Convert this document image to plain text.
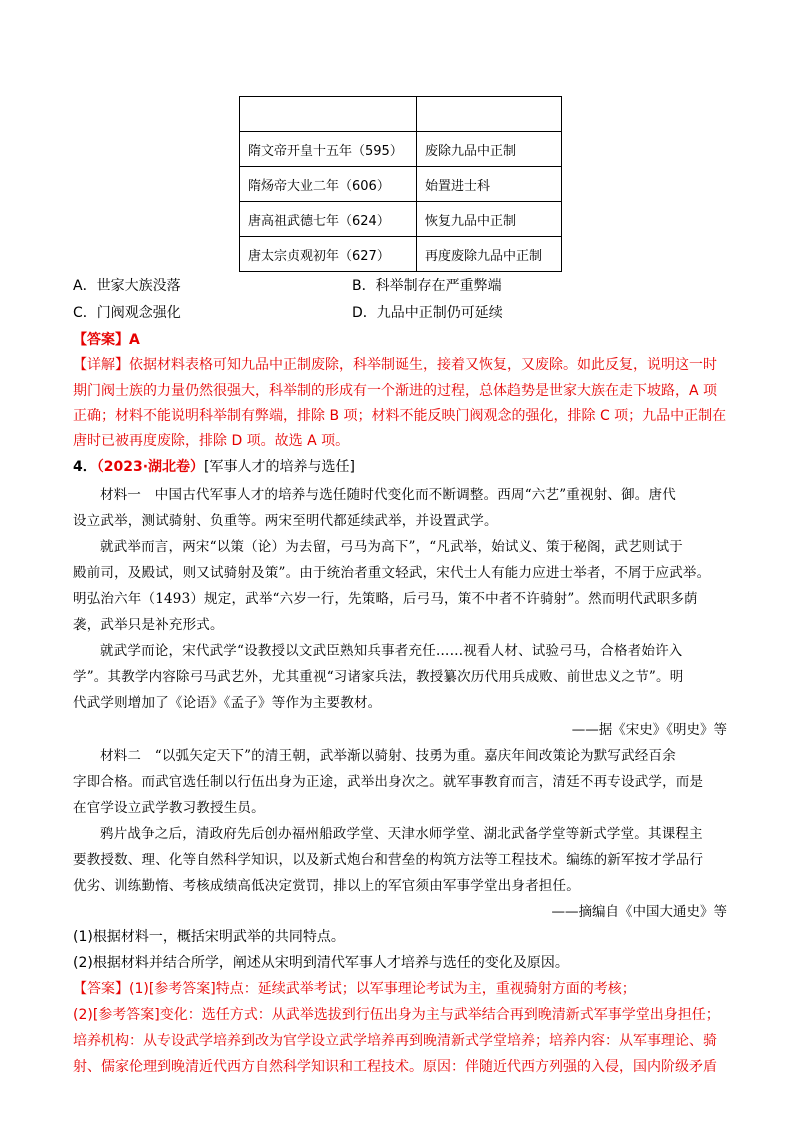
隋文帝开皇十五年（595）	废除九品中正制
隋炀帝大业二年（606）	始置进士科
唐高祖武德七年（624）	恢复九品中正制
唐太宗贞观初年（627）	再度废除九品中正制
A．世家大族没落	B．科举制存在严重弊端
C．门阀观念强化	D．九品中正制仍可延续
【答案】A
【详解】依据材料表格可知九品中正制废除，科举制诞生，接着又恢复，又废除。如此反复，说明这一时
期门阀士族的力量仍然很强大，科举制的形成有一个渐进的过程，总体趋势是世家大族在走下坡路，A 项
正确；材料不能说明科举制有弊端，排除 B 项；材料不能反映门阀观念的强化，排除 C 项；九品中正制在
唐时已被再度废除，排除 D 项。故选 A 项。
4．（2023·湖北卷）[军事人才的培养与选任]
材料一　中国古代军事人才的培养与选任随时代变化而不断调整。西周“六艺”重视射、御。唐代
设立武举，测试骑射、负重等。两宋至明代都延续武举，并设置武学。
就武举而言，两宋“以策（论）为去留，弓马为高下”，“凡武举，始试义、策于秘阁，武艺则试于
殿前司，及殿试，则又试骑射及策”。由于统治者重文轻武，宋代士人有能力应进士举者，不屑于应武举。
明弘治六年（1493）规定，武举“六岁一行，先策略，后弓马，策不中者不许骑射”。然而明代武职多荫
袭，武举只是补充形式。
就武学而论，宋代武学“设教授以文武臣熟知兵事者充任……视看人材、试验弓马，合格者始许入
学”。其教学内容除弓马武艺外，尤其重视“习诸家兵法，教授纂次历代用兵成败、前世忠义之节”。明
代武学则增加了《论语》《孟子》等作为主要教材。
——据《宋史》《明史》等
材料二　“以弧矢定天下”的清王朝，武举渐以骑射、技勇为重。嘉庆年间改策论为默写武经百余
字即合格。而武官选任制以行伍出身为正途，武举出身次之。就军事教育而言，清廷不再专设武学，而是
在官学设立武学教习教授生员。
鸦片战争之后，清政府先后创办福州船政学堂、天津水师学堂、湖北武备学堂等新式学堂。其课程主
要教授数、理、化等自然科学知识，以及新式炮台和营垒的构筑方法等工程技术。编练的新军按才学品行
优劣、训练勤惰、考核成绩高低决定赏罚，排以上的军官须由军事学堂出身者担任。
——摘编自《中国大通史》等
(1)根据材料一，概括宋明武举的共同特点。
(2)根据材料并结合所学，阐述从宋明到清代军事人才培养与选任的变化及原因。
【答案】(1)[参考答案]特点：延续武举考试；以军事理论考试为主，重视骑射方面的考核；
(2)[参考答案]变化：选任方式：从武举选拔到行伍出身为主与武举结合再到晚清新式军事学堂出身担任；
培养机构：从专设武学培养到改为官学设立武学培养再到晚清新式学堂培养；培养内容：从军事理论、骑
射、儒家伦理到晚清近代西方自然科学知识和工程技术。原因：伴随近代西方列强的入侵，国内阶级矛盾
